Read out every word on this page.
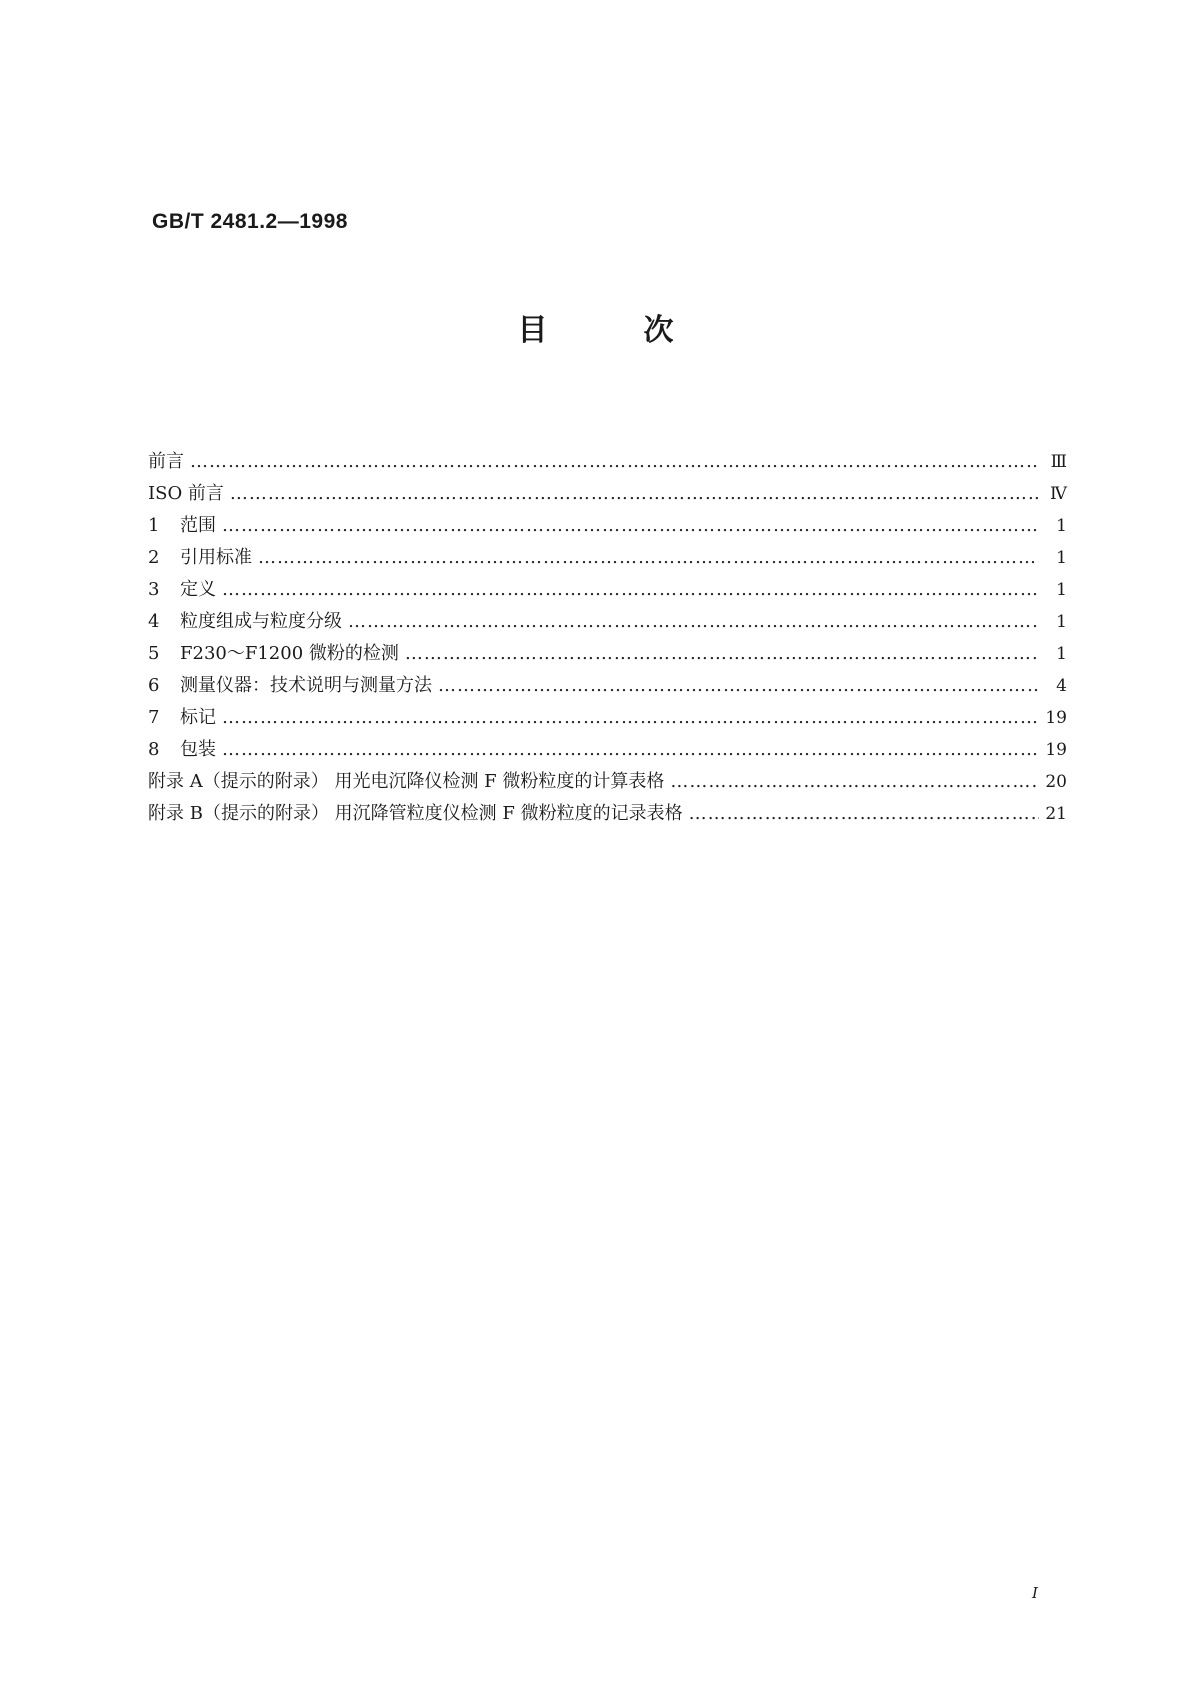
GB/T 2481.2—1998
目	次
前言 …………………………………………………………………………………………………………………………………………………………………………………………………………	Ⅲ
ISO 前言 …………………………………………………………………………………………………………………………………………………………………………………………………………	Ⅳ
1	范围 …………………………………………………………………………………………………………………………………………………………………………………………………………	1
2	引用标准 …………………………………………………………………………………………………………………………………………………………………………………………………………	1
3	定义 …………………………………………………………………………………………………………………………………………………………………………………………………………	1
4	粒度组成与粒度分级 …………………………………………………………………………………………………………………………………………………………………………………………………………	1
5	F230～F1200 微粉的检测 …………………………………………………………………………………………………………………………………………………………………………………………………………	1
6	测量仪器：技术说明与测量方法 …………………………………………………………………………………………………………………………………………………………………………………………………………	4
7	标记 …………………………………………………………………………………………………………………………………………………………………………………………………………	19
8	包装 …………………………………………………………………………………………………………………………………………………………………………………………………………	19
附录 A（提示的附录） 用光电沉降仪检测 F 微粉粒度的计算表格 …………………………………………………………………………………………………………………………………………………………………………………………………………	20
附录 B（提示的附录） 用沉降管粒度仪检测 F 微粉粒度的记录表格 …………………………………………………………………………………………………………………………………………………………………………………………………………	21
I
